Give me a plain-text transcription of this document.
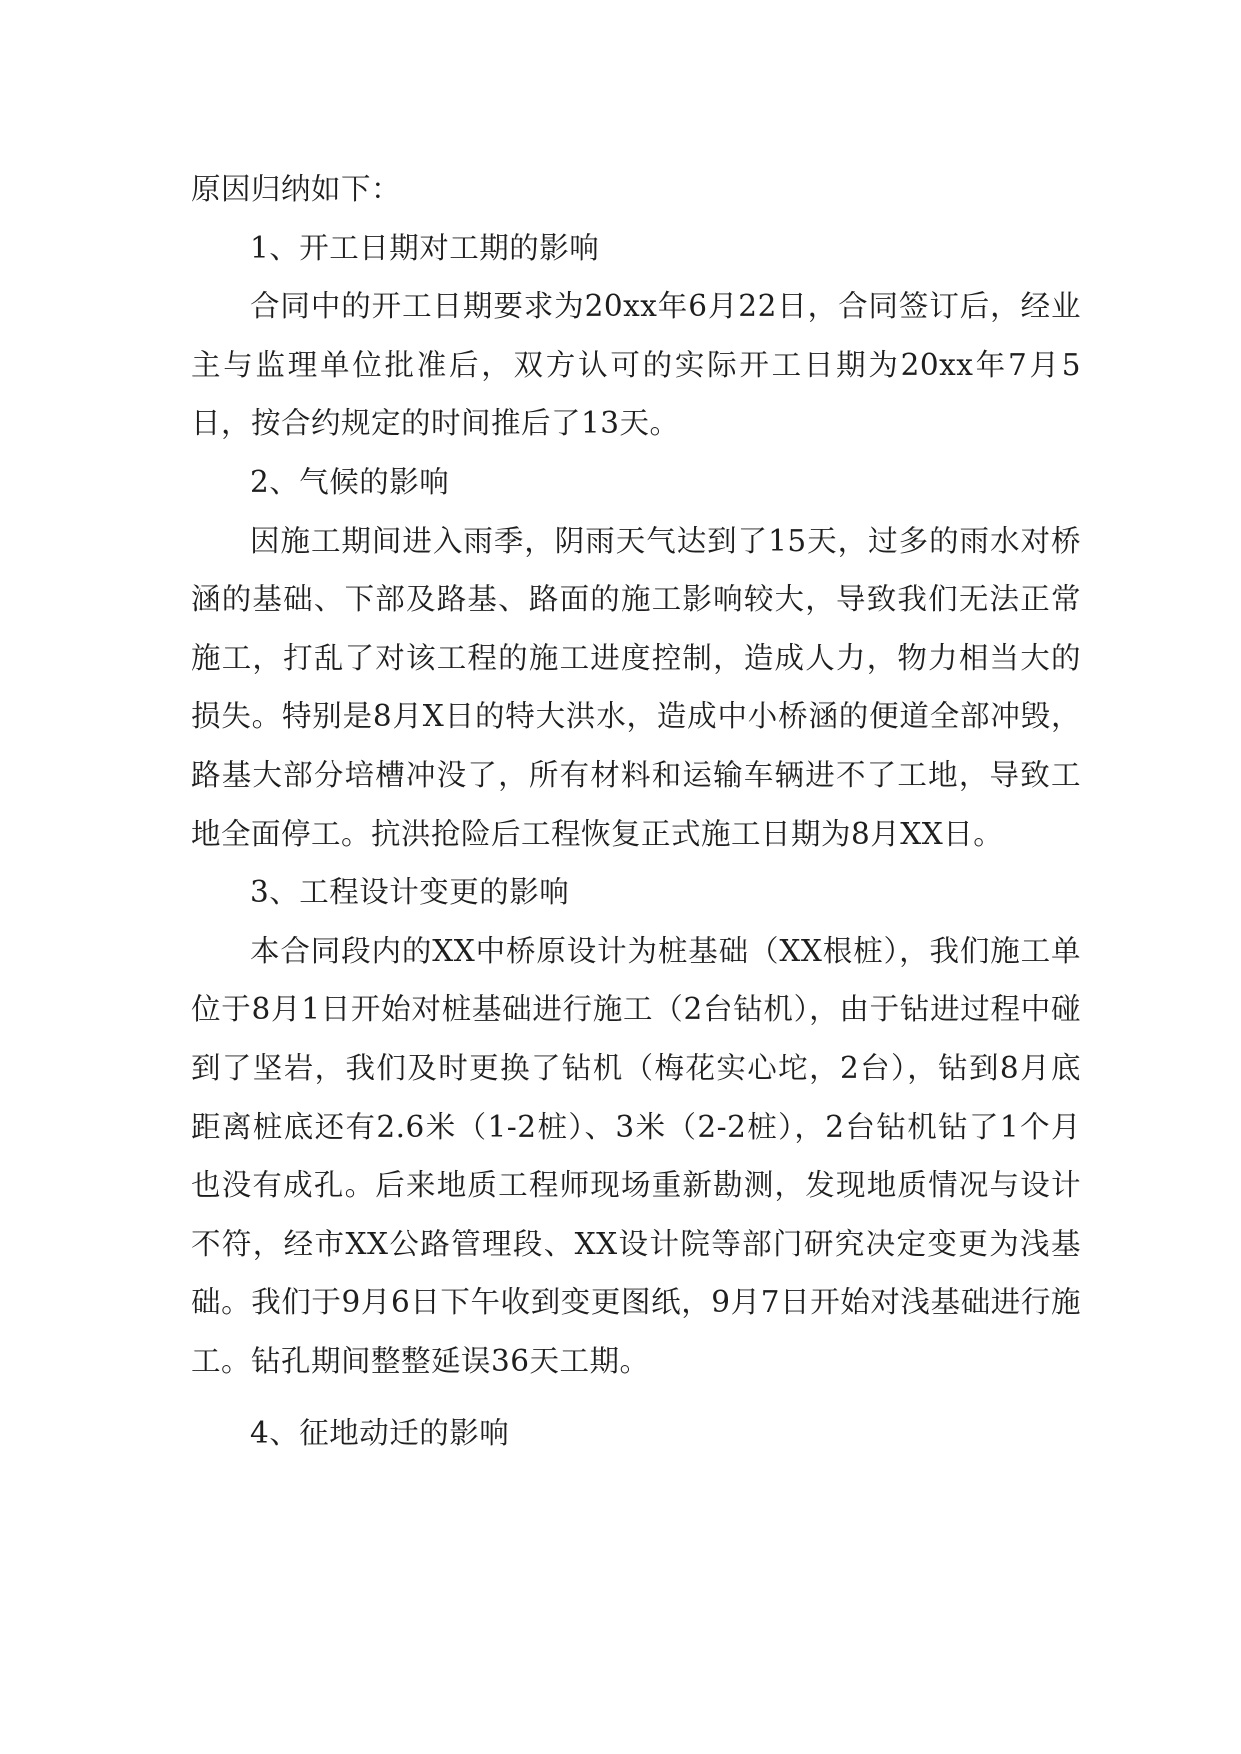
原因归纳如下：

1、开工日期对工期的影响

合同中的开工日期要求为20xx年6月22日，合同签订后，经业主与监理单位批准后，双方认可的实际开工日期为20xx年7月5日，按合约规定的时间推后了13天。

2、气候的影响

因施工期间进入雨季，阴雨天气达到了15天，过多的雨水对桥涵的基础、下部及路基、路面的施工影响较大，导致我们无法正常施工，打乱了对该工程的施工进度控制，造成人力，物力相当大的损失。特别是8月X日的特大洪水，造成中小桥涵的便道全部冲毁，路基大部分培槽冲没了，所有材料和运输车辆进不了工地，导致工地全面停工。抗洪抢险后工程恢复正式施工日期为8月XX日。

3、工程设计变更的影响

本合同段内的XX中桥原设计为桩基础（XX根桩），我们施工单位于8月1日开始对桩基础进行施工（2台钻机），由于钻进过程中碰到了坚岩，我们及时更换了钻机（梅花实心坨，2台），钻到8月底距离桩底还有2.6米（1-2桩）、3米（2-2桩），2台钻机钻了1个月也没有成孔。后来地质工程师现场重新勘测，发现地质情况与设计不符，经市XX公路管理段、XX设计院等部门研究决定变更为浅基础。我们于9月6日下午收到变更图纸，9月7日开始对浅基础进行施工。钻孔期间整整延误36天工期。

4、征地动迁的影响
